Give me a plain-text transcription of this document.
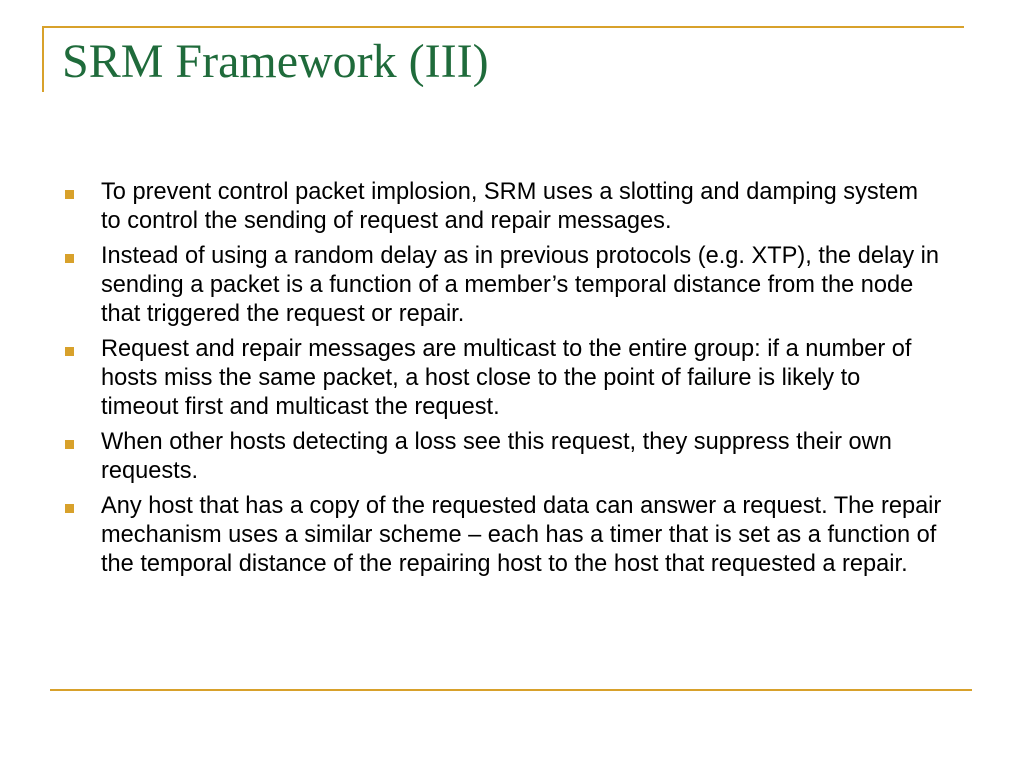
SRM Framework (III)
To prevent control packet implosion, SRM uses a slotting and damping system to control the sending of request and repair messages.
Instead of using a random delay as in previous protocols (e.g. XTP), the delay in sending a packet is a function of a member’s temporal distance from the node that triggered the request or repair.
Request and repair messages are multicast to the entire group: if a number of hosts miss the same packet, a host close to the point of failure is likely to timeout first and multicast the request.
When other hosts detecting a loss see this request, they suppress their own requests.
Any host that has a copy of the requested data can answer a request. The repair mechanism uses a similar scheme – each has a timer that is set as a function of the temporal distance of the repairing host to the host that requested a repair.
